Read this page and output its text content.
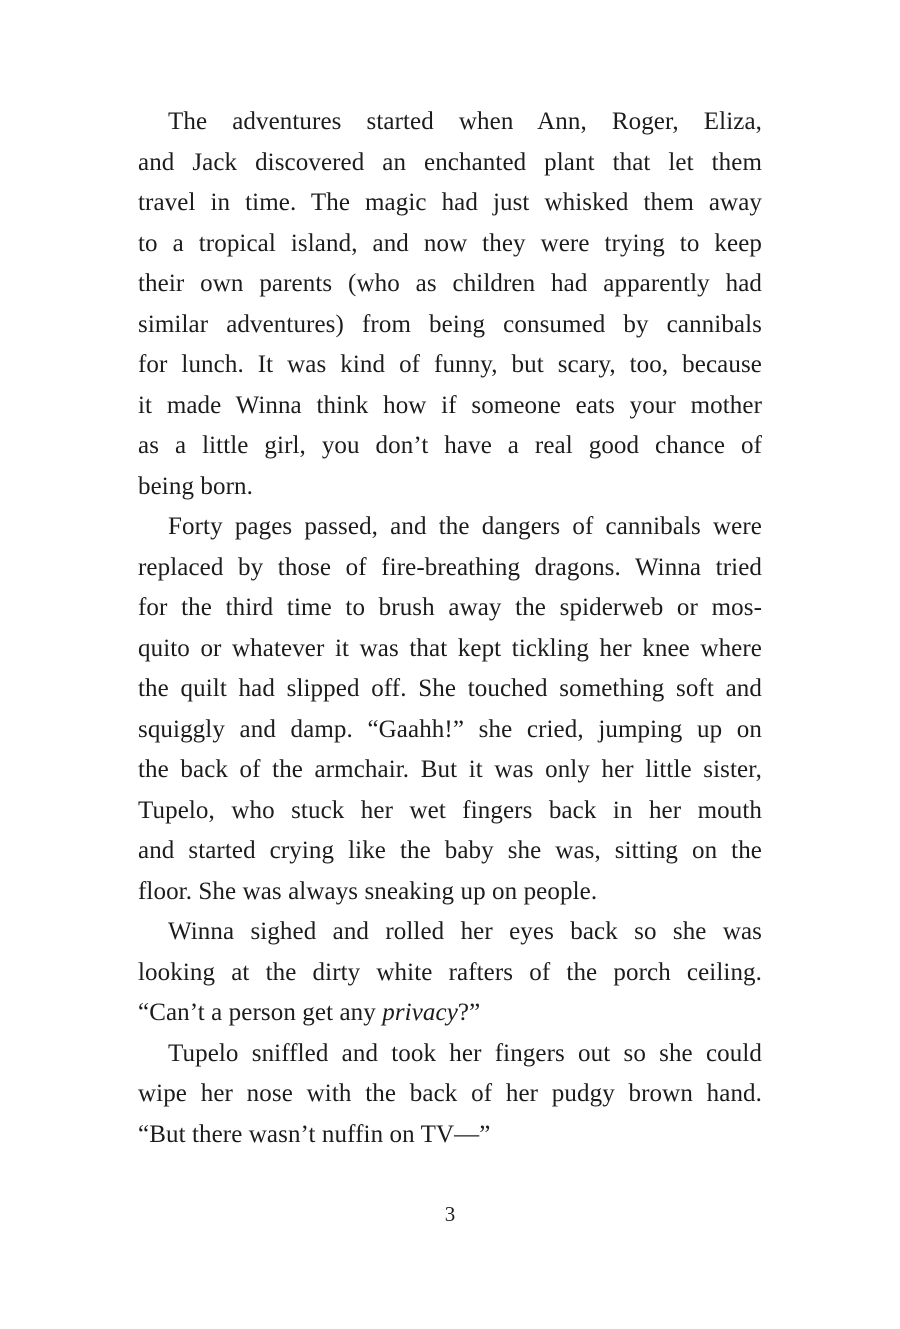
The adventures started when Ann, Roger, Eliza,
and Jack discovered an enchanted plant that let them
travel in time. The magic had just whisked them away
to a tropical island, and now they were trying to keep
their own parents (who as children had apparently had
similar adventures) from being consumed by cannibals
for lunch. It was kind of funny, but scary, too, because
it made Winna think how if someone eats your mother
as a little girl, you don’t have a real good chance of
being born.
Forty pages passed, and the dangers of cannibals were
replaced by those of fire-breathing dragons. Winna tried
for the third time to brush away the spiderweb or mos-
quito or whatever it was that kept tickling her knee where
the quilt had slipped off. She touched something soft and
squiggly and damp. “Gaahh!” she cried, jumping up on
the back of the armchair. But it was only her little sister,
Tupelo, who stuck her wet fingers back in her mouth
and started crying like the baby she was, sitting on the
floor. She was always sneaking up on people.
Winna sighed and rolled her eyes back so she was
looking at the dirty white rafters of the porch ceiling.
“Can’t a person get any privacy?”
Tupelo sniffled and took her fingers out so she could
wipe her nose with the back of her pudgy brown hand.
“But there wasn’t nuffin on TV—”
3
